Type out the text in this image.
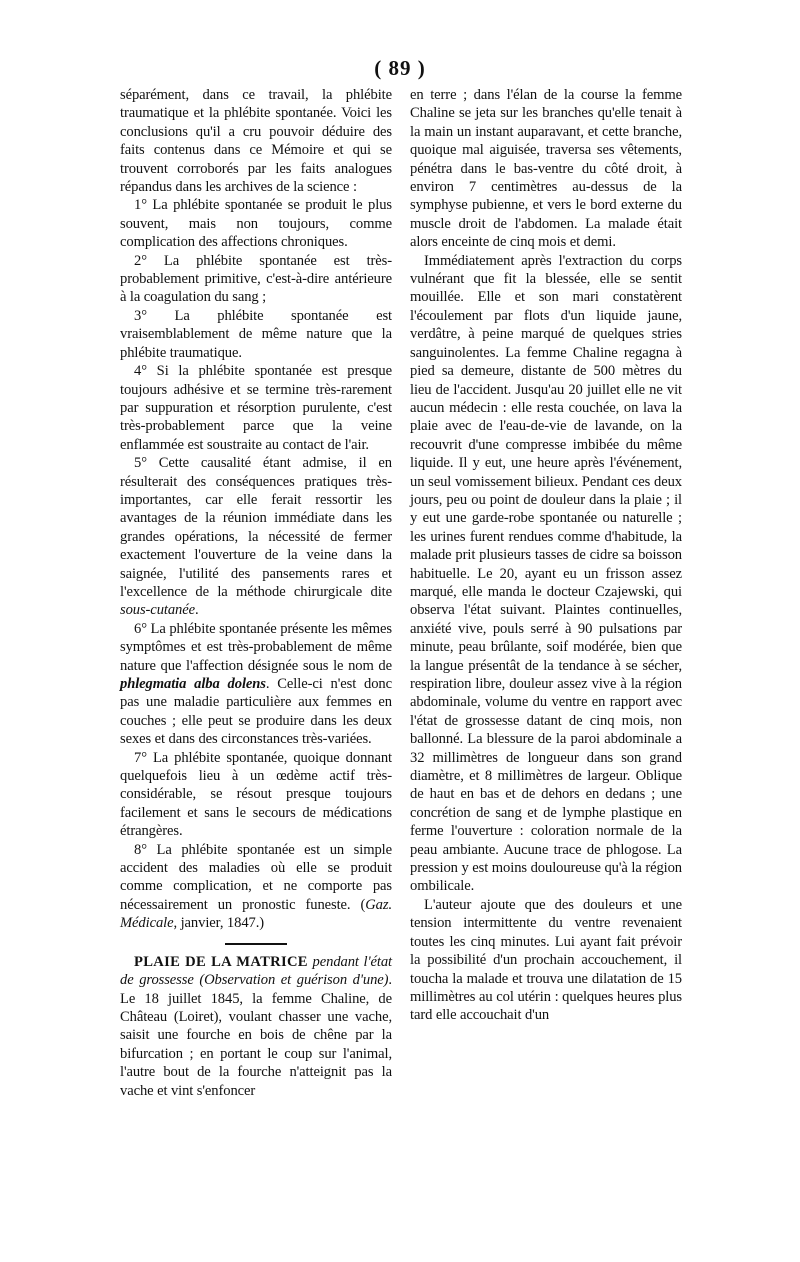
( 89 )

séparément, dans ce travail, la phlébite traumatique et la phlébite spontanée. Voici les conclusions qu'il a cru pouvoir déduire des faits contenus dans ce Mémoire et qui se trouvent corroborés par les faits analogues répandus dans les archives de la science :

1° La phlébite spontanée se produit le plus souvent, mais non toujours, comme complication des affections chroniques.

2° La phlébite spontanée est très-probablement primitive, c'est-à-dire antérieure à la coagulation du sang ;

3° La phlébite spontanée est vraisemblablement de même nature que la phlébite traumatique.

4° Si la phlébite spontanée est presque toujours adhésive et se termine très-rarement par suppuration et résorption purulente, c'est très-probablement parce que la veine enflammée est soustraite au contact de l'air.

5° Cette causalité étant admise, il en résulterait des conséquences pratiques très-importantes, car elle ferait ressortir les avantages de la réunion immédiate dans les grandes opérations, la nécessité de fermer exactement l'ouverture de la veine dans la saignée, l'utilité des pansements rares et l'excellence de la méthode chirurgicale dite sous-cutanée.

6° La phlébite spontanée présente les mêmes symptômes et est très-probablement de même nature que l'affection désignée sous le nom de phlegmatia alba dolens. Celle-ci n'est donc pas une maladie particulière aux femmes en couches ; elle peut se produire dans les deux sexes et dans des circonstances très-variées.

7° La phlébite spontanée, quoique donnant quelquefois lieu à un œdème actif très-considérable, se résout presque toujours facilement et sans le secours de médications étrangères.

8° La phlébite spontanée est un simple accident des maladies où elle se produit comme complication, et ne comporte pas nécessairement un pronostic funeste. (Gaz. Médicale, janvier, 1847.)

PLAIE DE LA MATRICE pendant l'état de grossesse (Observation et guérison d'une). Le 18 juillet 1845, la femme Chaline, de Château (Loiret), voulant chasser une vache, saisit une fourche en bois de chêne par la bifurcation ; en portant le coup sur l'animal, l'autre bout de la fourche n'atteignit pas la vache et vint s'enfoncer

en terre ; dans l'élan de la course la femme Chaline se jeta sur les branches qu'elle tenait à la main un instant auparavant, et cette branche, quoique mal aiguisée, traversa ses vêtements, pénétra dans le bas-ventre du côté droit, à environ 7 centimètres au-dessus de la symphyse pubienne, et vers le bord externe du muscle droit de l'abdomen. La malade était alors enceinte de cinq mois et demi.

Immédiatement après l'extraction du corps vulnérant que fit la blessée, elle se sentit mouillée. Elle et son mari constatèrent l'écoulement par flots d'un liquide jaune, verdâtre, à peine marqué de quelques stries sanguinolentes. La femme Chaline regagna à pied sa demeure, distante de 500 mètres du lieu de l'accident. Jusqu'au 20 juillet elle ne vit aucun médecin : elle resta couchée, on lava la plaie avec de l'eau-de-vie de lavande, on la recouvrit d'une compresse imbibée du même liquide. Il y eut, une heure après l'événement, un seul vomissement bilieux. Pendant ces deux jours, peu ou point de douleur dans la plaie ; il y eut une garde-robe spontanée ou naturelle ; les urines furent rendues comme d'habitude, la malade prit plusieurs tasses de cidre sa boisson habituelle. Le 20, ayant eu un frisson assez marqué, elle manda le docteur Czajewski, qui observa l'état suivant. Plaintes continuelles, anxiété vive, pouls serré à 90 pulsations par minute, peau brûlante, soif modérée, bien que la langue présentât de la tendance à se sécher, respiration libre, douleur assez vive à la région abdominale, volume du ventre en rapport avec l'état de grossesse datant de cinq mois, non ballonné. La blessure de la paroi abdominale a 32 millimètres de longueur dans son grand diamètre, et 8 millimètres de largeur. Oblique de haut en bas et de dehors en dedans ; une concrétion de sang et de lymphe plastique en ferme l'ouverture : coloration normale de la peau ambiante. Aucune trace de phlogose. La pression y est moins douloureuse qu'à la région ombilicale.

L'auteur ajoute que des douleurs et une tension intermittente du ventre revenaient toutes les cinq minutes. Lui ayant fait prévoir la possibilité d'un prochain accouchement, il toucha la malade et trouva une dilatation de 15 millimètres au col utérin : quelques heures plus tard elle accouchait d'un
